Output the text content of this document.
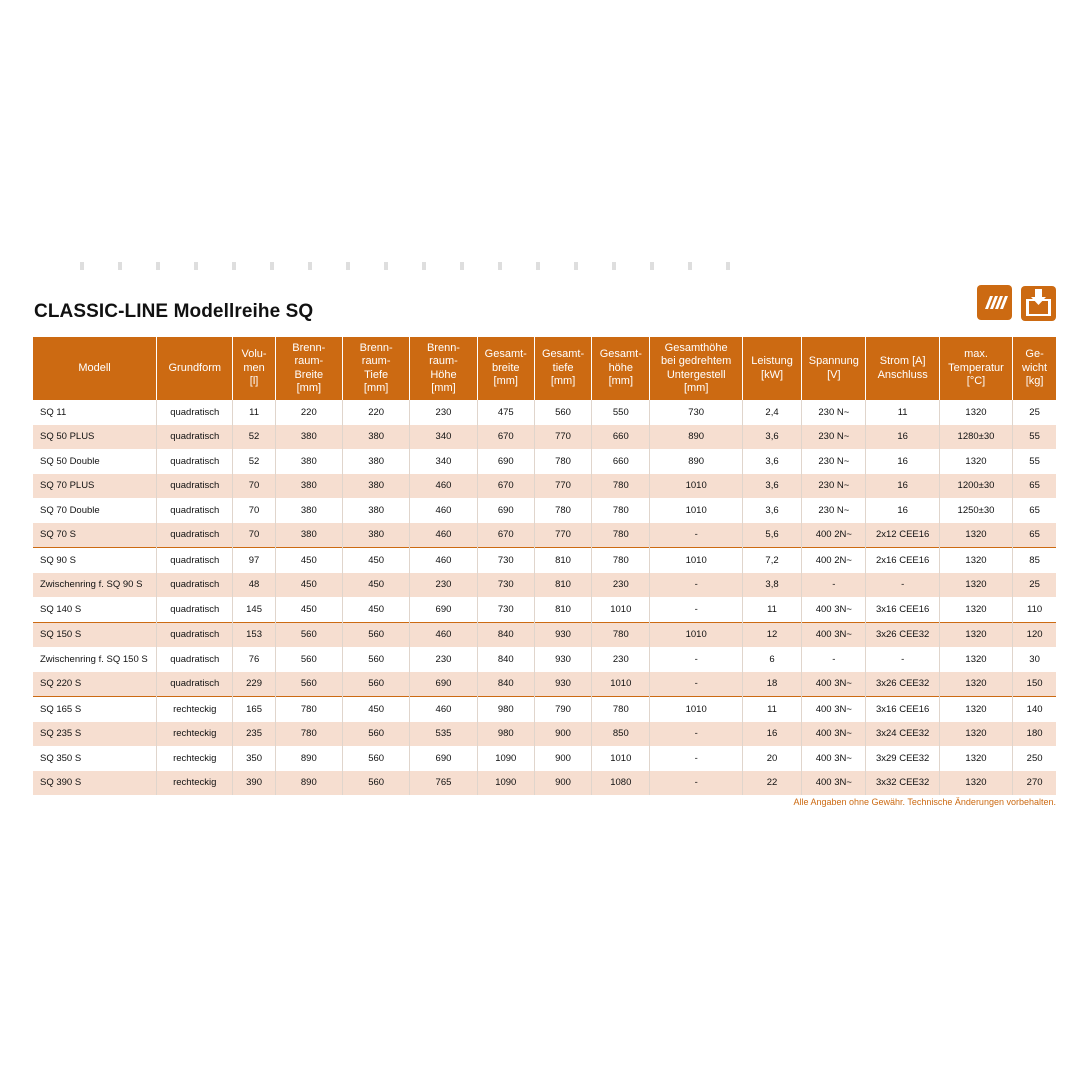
CLASSIC-LINE Modellreihe SQ
Modell	Grundform	Volu-
men
[l]	Brenn-
raum-
Breite
[mm]	Brenn-
raum-
Tiefe
[mm]	Brenn-
raum-
Höhe
[mm]	Gesamt-
breite
[mm]	Gesamt-
tiefe
[mm]	Gesamt-
höhe
[mm]	Gesamthöhe
bei gedrehtem
Untergestell
[mm]	Leistung
[kW]	Spannung
[V]	Strom [A]
Anschluss	max.
Temperatur
[°C]	Ge-
wicht
[kg]

SQ 11	quadratisch	11	220	220	230	475	560	550	730	2,4	230 N~	11	1320	25
SQ 50 PLUS	quadratisch	52	380	380	340	670	770	660	890	3,6	230 N~	16	1280±30	55
SQ 50 Double	quadratisch	52	380	380	340	690	780	660	890	3,6	230 N~	16	1320	55
SQ 70 PLUS	quadratisch	70	380	380	460	670	770	780	1010	3,6	230 N~	16	1200±30	65
SQ 70 Double	quadratisch	70	380	380	460	690	780	780	1010	3,6	230 N~	16	1250±30	65
SQ 70 S	quadratisch	70	380	380	460	670	770	780	-	5,6	400 2N~	2x12 CEE16	1320	65
SQ 90 S	quadratisch	97	450	450	460	730	810	780	1010	7,2	400 2N~	2x16 CEE16	1320	85
Zwischenring f. SQ 90 S	quadratisch	48	450	450	230	730	810	230	-	3,8	-	-	1320	25
SQ 140 S	quadratisch	145	450	450	690	730	810	1010	-	11	400 3N~	3x16 CEE16	1320	110
SQ 150 S	quadratisch	153	560	560	460	840	930	780	1010	12	400 3N~	3x26 CEE32	1320	120
Zwischenring f. SQ 150 S	quadratisch	76	560	560	230	840	930	230	-	6	-	-	1320	30
SQ 220 S	quadratisch	229	560	560	690	840	930	1010	-	18	400 3N~	3x26 CEE32	1320	150
SQ 165 S	rechteckig	165	780	450	460	980	790	780	1010	11	400 3N~	3x16 CEE16	1320	140
SQ 235 S	rechteckig	235	780	560	535	980	900	850	-	16	400 3N~	3x24 CEE32	1320	180
SQ 350 S	rechteckig	350	890	560	690	1090	900	1010	-	20	400 3N~	3x29 CEE32	1320	250
SQ 390 S	rechteckig	390	890	560	765	1090	900	1080	-	22	400 3N~	3x32 CEE32	1320	270
Alle Angaben ohne Gewähr. Technische Änderungen vorbehalten.
